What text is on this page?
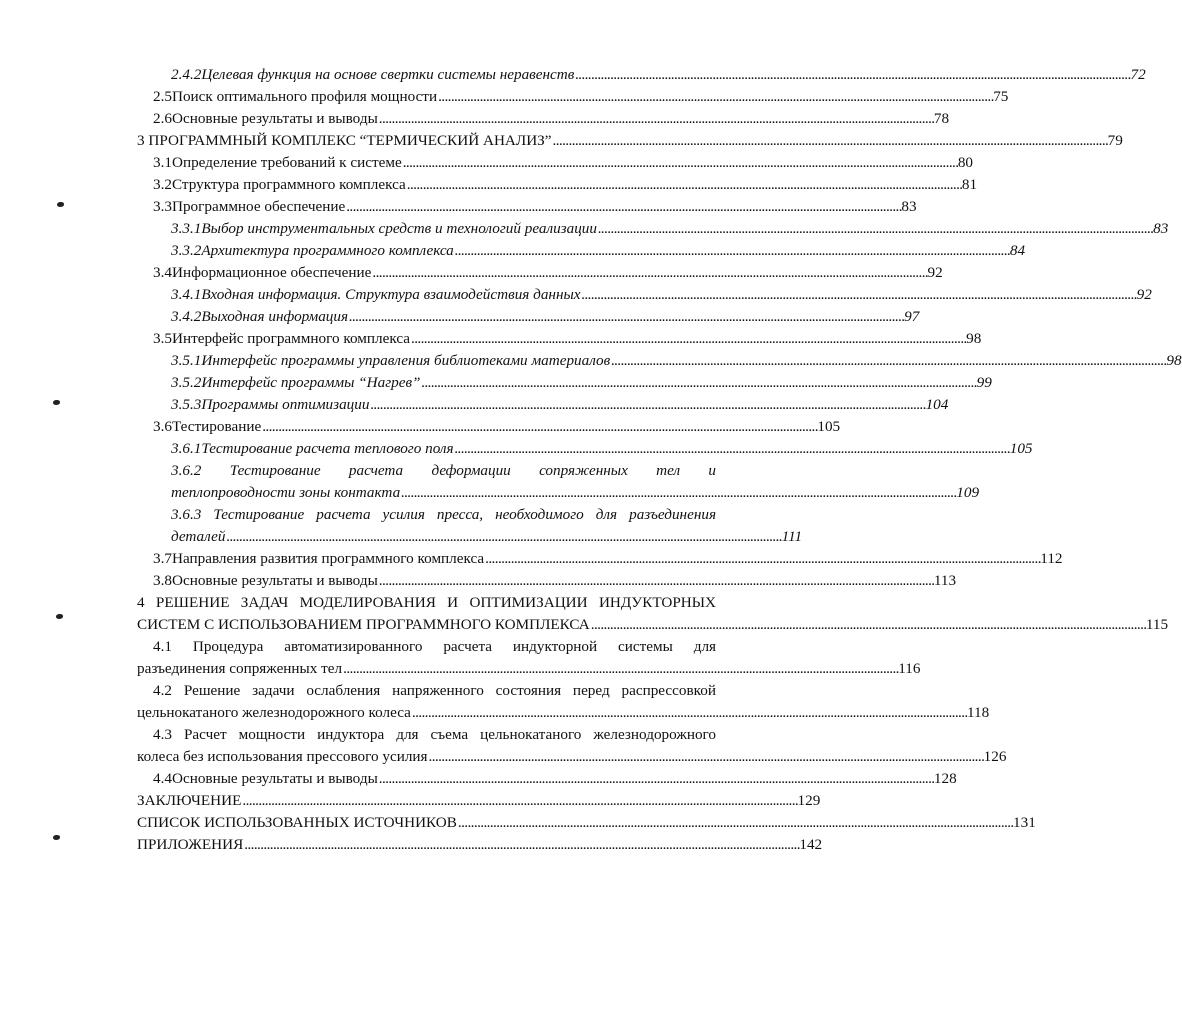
2.4.2 Целевая функция на основе свертки системы неравенств . . .	72
2.5 Поиск оптимального профиля мощности . . .	75
2.6 Основные результаты и выводы . . .	78
3 ПРОГРАММНЫЙ КОМПЛЕКС “ТЕРМИЧЕСКИЙ АНАЛИЗ” . . .	79
3.1 Определение требований к системе . . .	80
3.2 Структура программного комплекса . . .	81
3.3 Программное обеспечение . . .	83
3.3.1 Выбор инструментальных средств и технологий реализации . . .	83
3.3.2 Архитектура программного комплекса . . .	84
3.4 Информационное обеспечение . . .	92
3.4.1 Входная информация. Структура взаимодействия данных . . .	92
3.4.2 Выходная информация . . .	97
3.5 Интерфейс программного комплекса . . .	98
3.5.1 Интерфейс программы управления библиотеками материалов . . .	98
3.5.2 Интерфейс программы “Нагрев” . . .	99
3.5.3 Программы оптимизации . . .	104
3.6 Тестирование . . .	105
3.6.1 Тестирование расчета теплового поля . . .	105
3.6.2 Тестирование расчета деформации сопряженных тел и
теплопроводности зоны контакта . . .	109
3.6.3 Тестирование расчета усилия пресса, необходимого для разъединения
деталей . . .	111
3.7 Направления развития программного комплекса . . .	112
3.8 Основные результаты и выводы . . .	113
4 РЕШЕНИЕ ЗАДАЧ МОДЕЛИРОВАНИЯ И ОПТИМИЗАЦИИ ИНДУКТОРНЫХ
СИСТЕМ С ИСПОЛЬЗОВАНИЕМ ПРОГРАММНОГО КОМПЛЕКСА . . .	115
4.1 Процедура автоматизированного расчета индукторной системы для
разъединения сопряженных тел . . .	116
4.2 Решение задачи ослабления напряженного состояния перед распрессовкой
цельнокатаного железнодорожного колеса . . .	118
4.3 Расчет мощности индуктора для съема цельнокатаного железнодорожного
колеса без использования прессового усилия . . .	126
4.4 Основные результаты и выводы . . .	128
ЗАКЛЮЧЕНИЕ . . .	129
СПИСОК ИСПОЛЬЗОВАННЫХ ИСТОЧНИКОВ . . .	131
ПРИЛОЖЕНИЯ . . .	142
